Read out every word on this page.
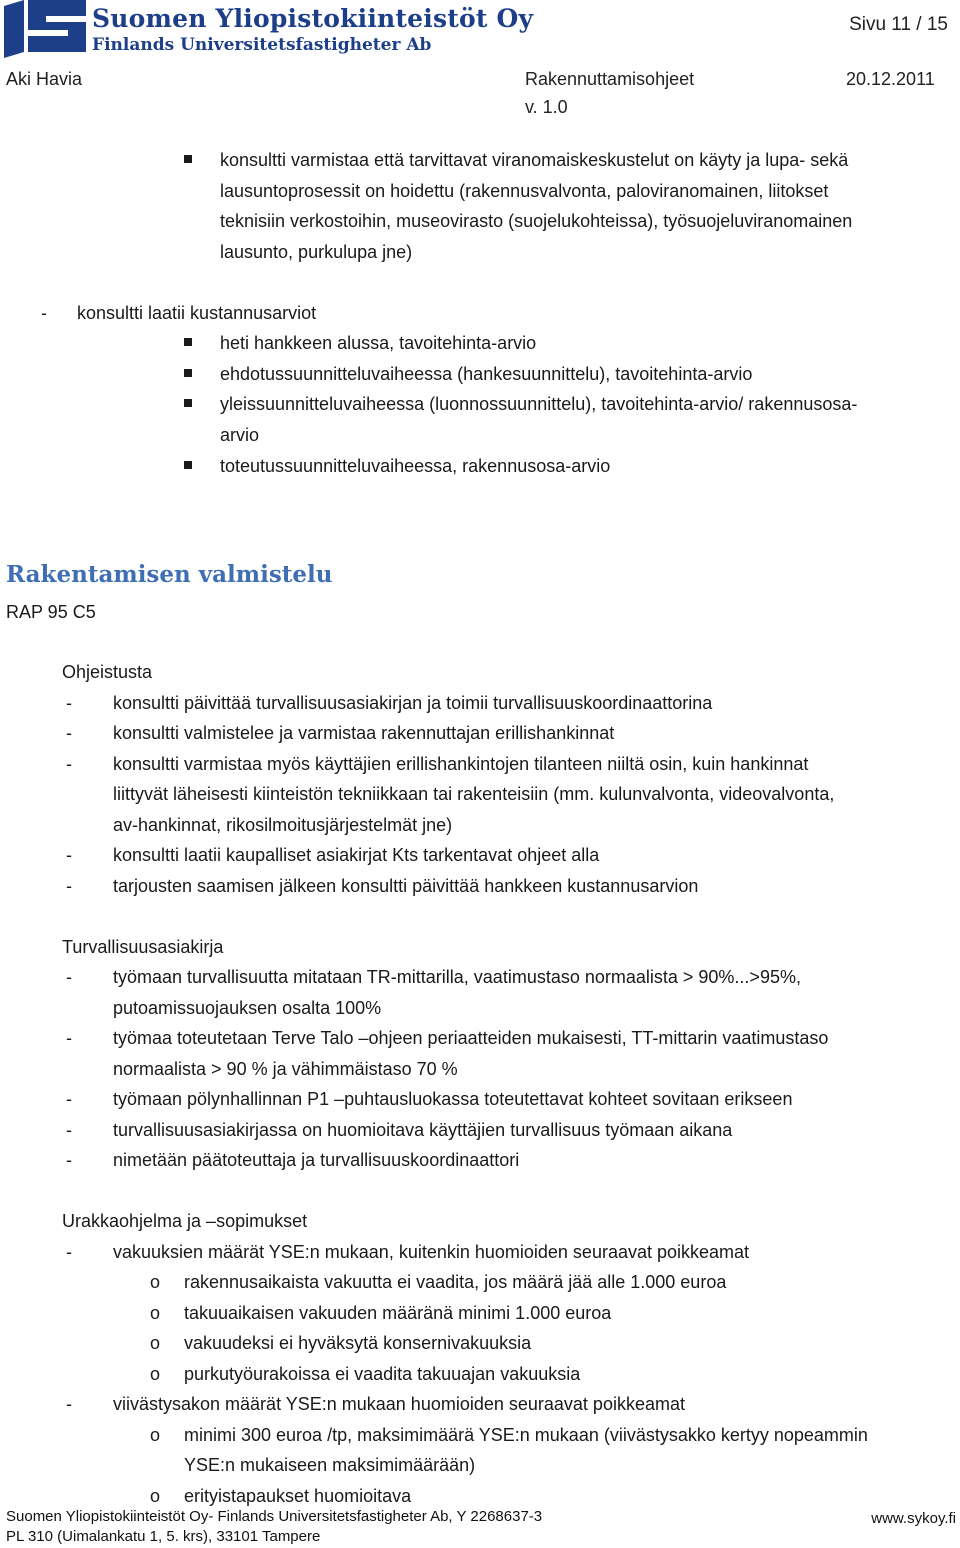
Suomen Yliopistokiinteistöt Oy
Finlands Universitetsfastigheter Ab
Sivu 11 / 15
Aki Havia	Rakennuttamisohjeet	20.12.2011
v. 1.0
konsultti varmistaa että tarvittavat viranomaiskeskustelut on käyty ja lupa- sekä
lausuntoprosessit on hoidettu (rakennusvalvonta, paloviranomainen, liitokset
teknisiin verkostoihin, museovirasto (suojelukohteissa), työsuojeluviranomainen
lausunto, purkulupa jne)
- konsultti laatii kustannusarviot
heti hankkeen alussa, tavoitehinta-arvio
ehdotussuunnitteluvaiheessa (hankesuunnittelu), tavoitehinta-arvio
yleissuunnitteluvaiheessa (luonnossuunnittelu), tavoitehinta-arvio/ rakennusosa-
arvio
toteutussuunnitteluvaiheessa, rakennusosa-arvio
Rakentamisen valmistelu
RAP 95 C5
Ohjeistusta
- konsultti päivittää turvallisuusasiakirjan ja toimii turvallisuuskoordinaattorina
- konsultti valmistelee ja varmistaa rakennuttajan erillishankinnat
- konsultti varmistaa myös käyttäjien erillishankintojen tilanteen niiltä osin, kuin hankinnat
liittyvät läheisesti kiinteistön tekniikkaan tai rakenteisiin (mm. kulunvalvonta, videovalvonta,
av-hankinnat, rikosilmoitusjärjestelmät jne)
- konsultti laatii kaupalliset asiakirjat Kts tarkentavat ohjeet alla
- tarjousten saamisen jälkeen konsultti päivittää hankkeen kustannusarvion
Turvallisuusasiakirja
- työmaan turvallisuutta mitataan TR-mittarilla, vaatimustaso normaalista > 90%...>95%,
putoamissuojauksen osalta 100%
- työmaa toteutetaan Terve Talo –ohjeen periaatteiden mukaisesti, TT-mittarin vaatimustaso
normaalista > 90 % ja vähimmäistaso 70 %
- työmaan pölynhallinnan P1 –puhtausluokassa toteutettavat kohteet sovitaan erikseen
- turvallisuusasiakirjassa on huomioitava käyttäjien turvallisuus työmaan aikana
- nimetään päätoteuttaja ja turvallisuuskoordinaattori
Urakkaohjelma ja –sopimukset
- vakuuksien määrät YSE:n mukaan, kuitenkin huomioiden seuraavat poikkeamat
o rakennusaikaista vakuutta ei vaadita, jos määrä jää alle 1.000 euroa
o takuuaikaisen vakuuden määränä minimi 1.000 euroa
o vakuudeksi ei hyväksytä konsernivakuuksia
o purkutyöurakoissa ei vaadita takuuajan vakuuksia
- viivästysakon määrät YSE:n mukaan huomioiden seuraavat poikkeamat
o minimi 300 euroa /tp, maksimimäärä YSE:n mukaan (viivästysakko kertyy nopeammin
YSE:n mukaiseen maksimimäärään)
o erityistapaukset huomioitava
Suomen Yliopistokiinteistöt Oy- Finlands Universitetsfastigheter Ab, Y 2268637-3
PL 310 (Uimalankatu 1, 5. krs), 33101 Tampere
www.sykoy.fi
